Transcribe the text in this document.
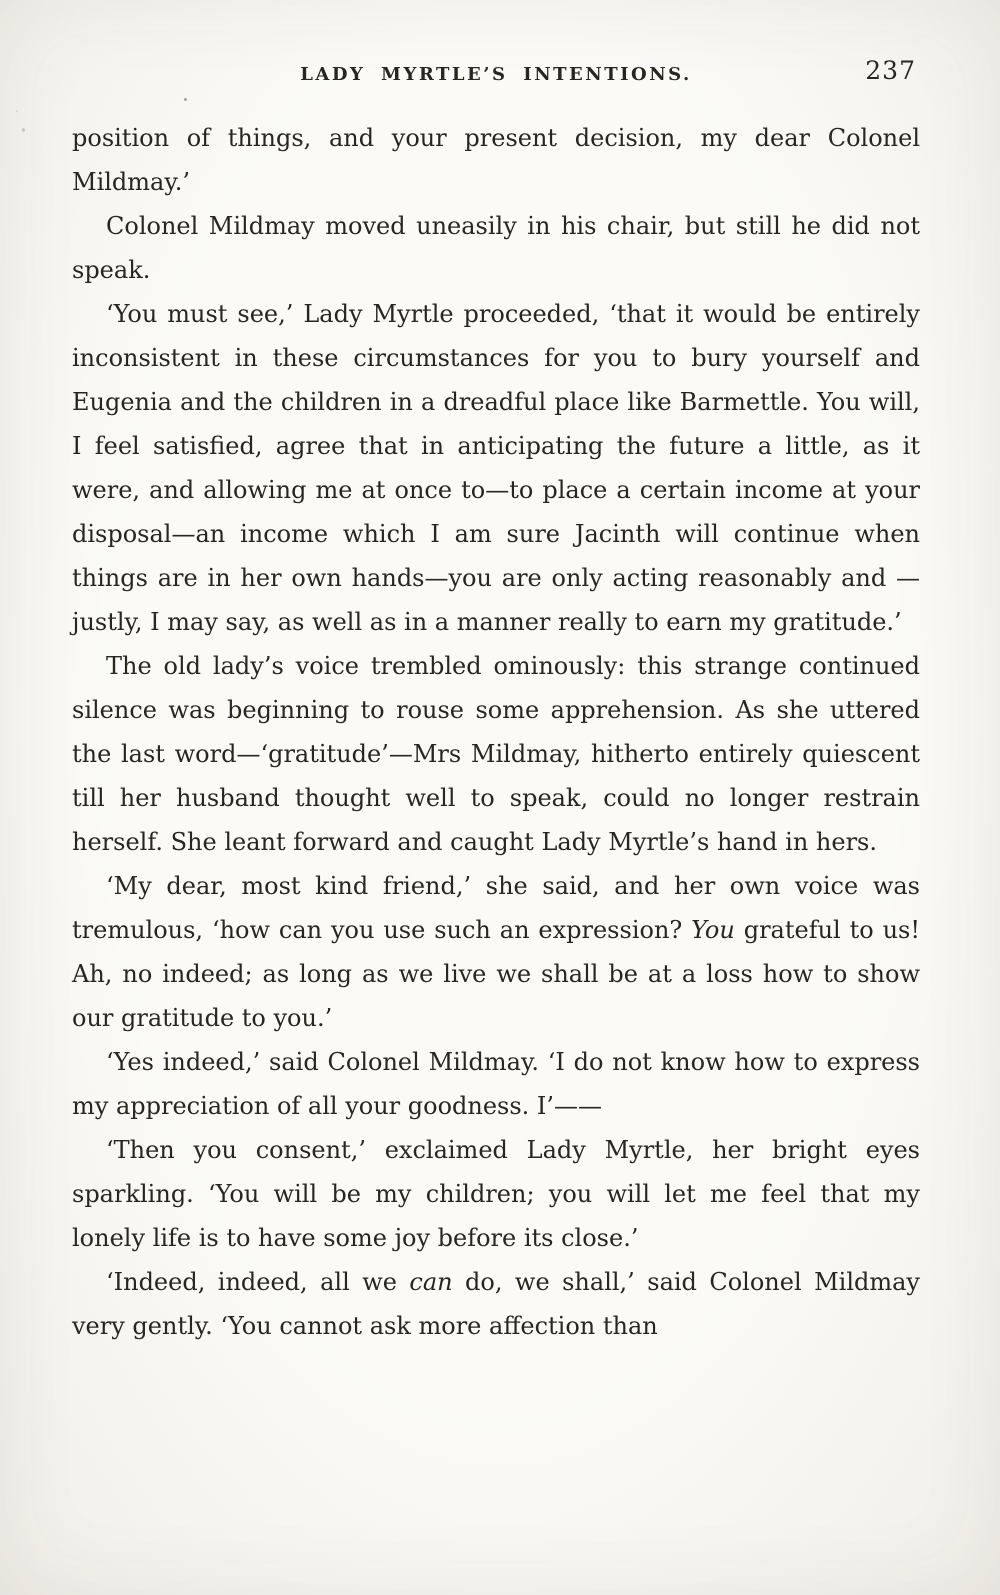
LADY MYRTLE’S INTENTIONS.	237

position of things, and your present decision, my dear Colonel Mildmay.’

Colonel Mildmay moved uneasily in his chair, but still he did not speak.

‘You must see,’ Lady Myrtle proceeded, ‘that it would be entirely inconsistent in these circumstances for you to bury yourself and Eugenia and the children in a dreadful place like Barmettle. You will, I feel satisfied, agree that in anticipating the future a little, as it were, and allowing me at once to—to place a certain income at your disposal—an income which I am sure Jacinth will continue when things are in her own hands—you are only acting reasonably and —justly, I may say, as well as in a manner really to earn my gratitude.’

The old lady’s voice trembled ominously: this strange continued silence was beginning to rouse some apprehension. As she uttered the last word—‘gratitude’—Mrs Mildmay, hitherto entirely quiescent till her husband thought well to speak, could no longer restrain herself. She leant forward and caught Lady Myrtle’s hand in hers.

‘My dear, most kind friend,’ she said, and her own voice was tremulous, ‘how can you use such an expression? You grateful to us! Ah, no indeed; as long as we live we shall be at a loss how to show our gratitude to you.’

‘Yes indeed,’ said Colonel Mildmay. ‘I do not know how to express my appreciation of all your goodness. I’——

‘Then you consent,’ exclaimed Lady Myrtle, her bright eyes sparkling. ‘You will be my children; you will let me feel that my lonely life is to have some joy before its close.’

‘Indeed, indeed, all we can do, we shall,’ said Colonel Mildmay very gently. ‘You cannot ask more affection than
